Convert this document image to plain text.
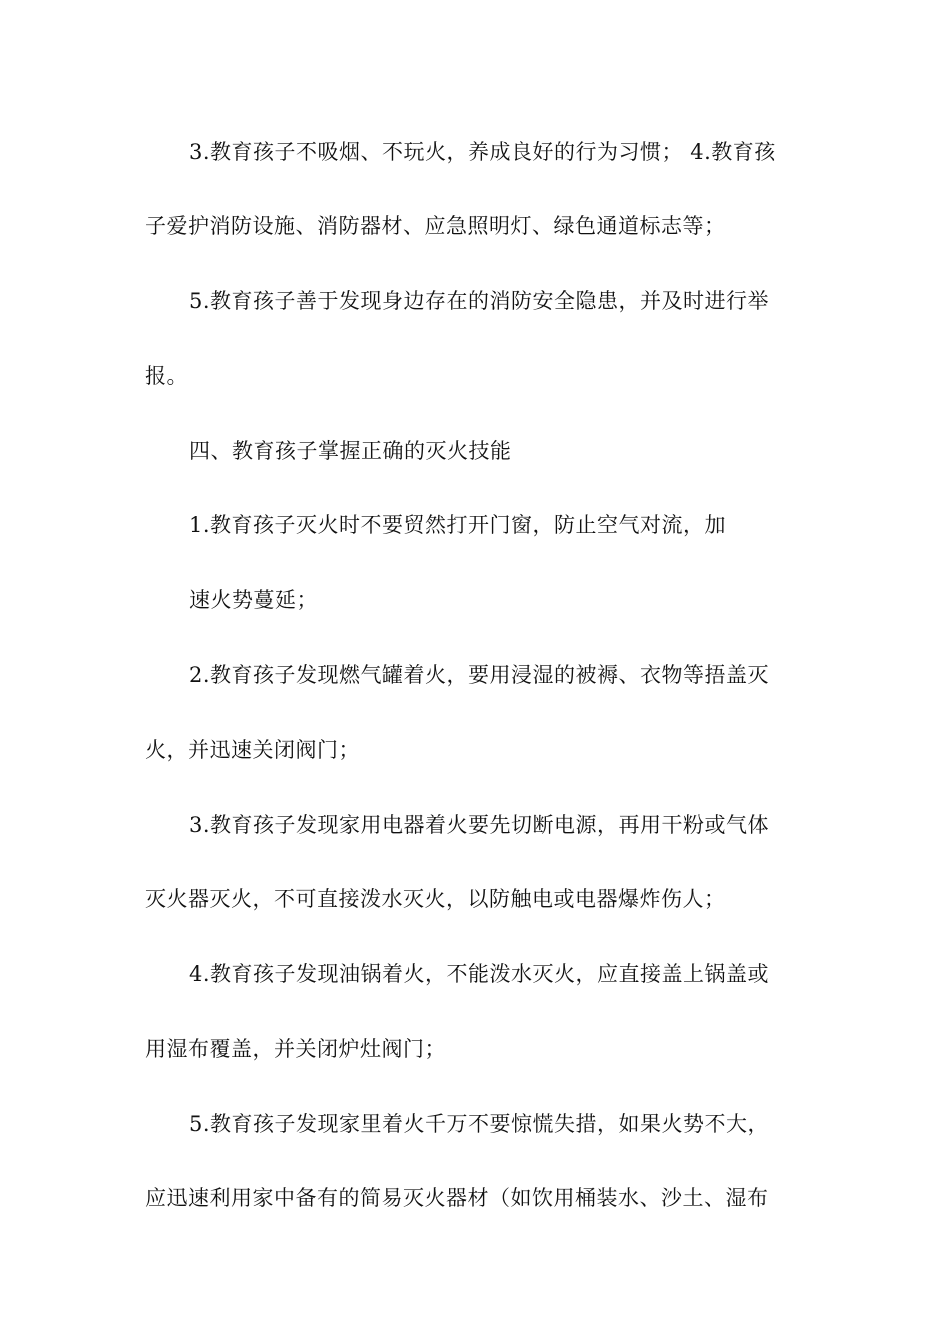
3.教育孩子不吸烟、不玩火，养成良好的行为习惯； 4.教育孩
子爱护消防设施、消防器材、应急照明灯、绿色通道标志等；
5.教育孩子善于发现身边存在的消防安全隐患，并及时进行举
报。
四、教育孩子掌握正确的灭火技能
1.教育孩子灭火时不要贸然打开门窗，防止空气对流，加
速火势蔓延；
2.教育孩子发现燃气罐着火，要用浸湿的被褥、衣物等捂盖灭
火，并迅速关闭阀门；
3.教育孩子发现家用电器着火要先切断电源，再用干粉或气体
灭火器灭火，不可直接泼水灭火，以防触电或电器爆炸伤人；
4.教育孩子发现油锅着火，不能泼水灭火，应直接盖上锅盖或
用湿布覆盖，并关闭炉灶阀门；
5.教育孩子发现家里着火千万不要惊慌失措，如果火势不大，
应迅速利用家中备有的简易灭火器材（如饮用桶装水、沙土、湿布
